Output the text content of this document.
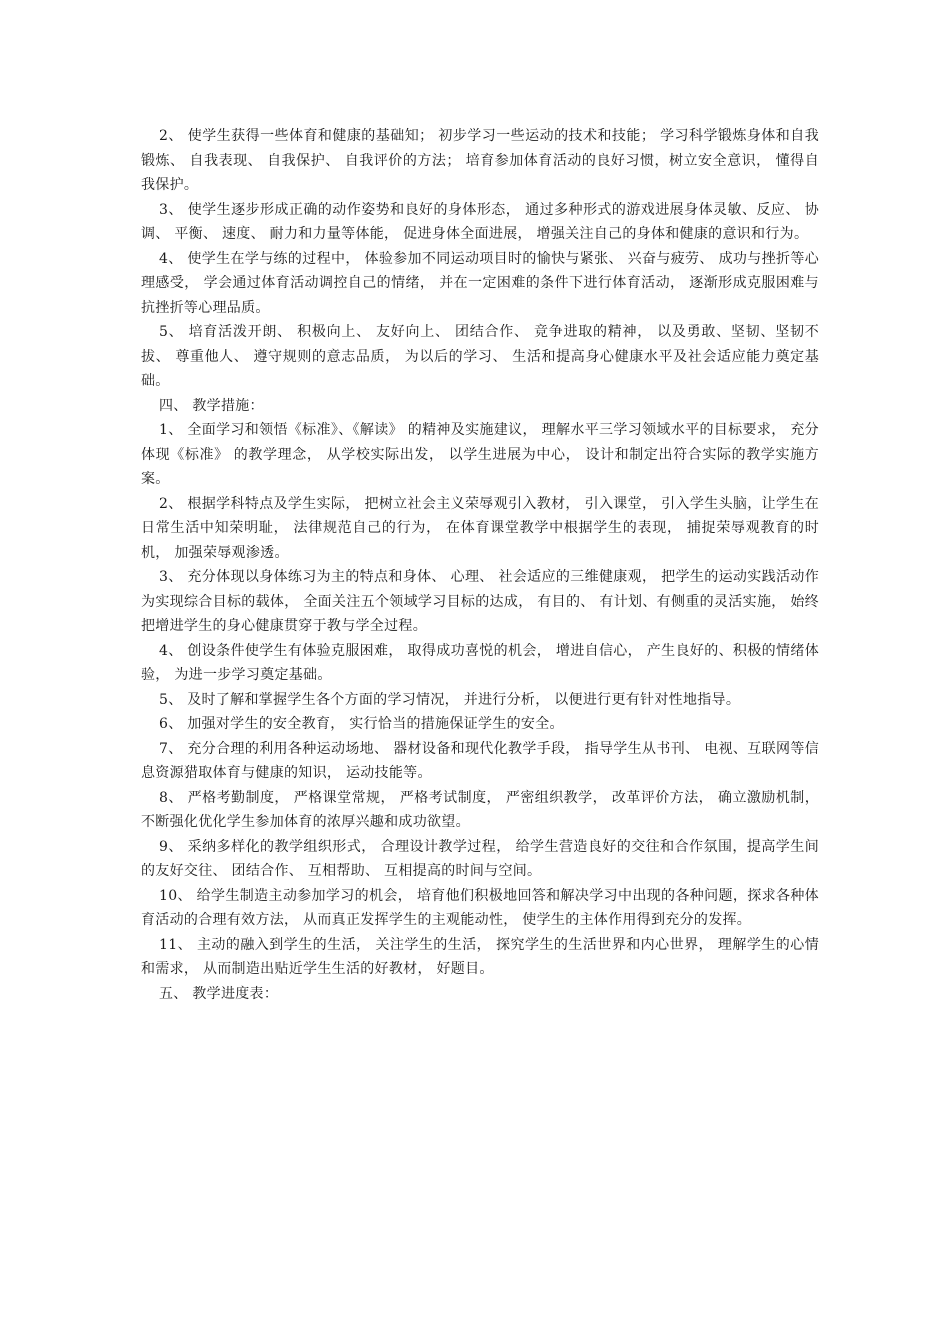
2、 使学生获得一些体育和健康的基础知； 初步学习一些运动的技术和技能； 学习科学锻炼身体和自我锻炼、 自我表现、 自我保护、 自我评价的方法； 培育参加体育活动的良好习惯，树立安全意识， 懂得自我保护。

3、 使学生逐步形成正确的动作姿势和良好的身体形态， 通过多种形式的游戏进展身体灵敏、反应、 协调、 平衡、 速度、 耐力和力量等体能， 促进身体全面进展， 增强关注自己的身体和健康的意识和行为。

4、 使学生在学与练的过程中， 体验参加不同运动项目时的愉快与紧张、 兴奋与疲劳、 成功与挫折等心理感受， 学会通过体育活动调控自己的情绪， 并在一定困难的条件下进行体育活动， 逐渐形成克服困难与抗挫折等心理品质。

5、 培育活泼开朗、 积极向上、 友好向上、 团结合作、 竞争进取的精神， 以及勇敢、坚韧、坚韧不拔、 尊重他人、 遵守规则的意志品质， 为以后的学习、 生活和提高身心健康水平及社会适应能力奠定基础。

四、 教学措施：

1、 全面学习和领悟《标准》、《解读》 的精神及实施建议， 理解水平三学习领域水平的目标要求， 充分体现《标准》 的教学理念， 从学校实际出发， 以学生进展为中心， 设计和制定出符合实际的教学实施方案。

2、 根据学科特点及学生实际， 把树立社会主义荣辱观引入教材， 引入课堂， 引入学生头脑，让学生在日常生活中知荣明耻， 法律规范自己的行为， 在体育课堂教学中根据学生的表现， 捕捉荣辱观教育的时机， 加强荣辱观渗透。

3、 充分体现以身体练习为主的特点和身体、 心理、 社会适应的三维健康观， 把学生的运动实践活动作为实现综合目标的载体， 全面关注五个领域学习目标的达成， 有目的、 有计划、有侧重的灵活实施， 始终把增进学生的身心健康贯穿于教与学全过程。

4、 创设条件使学生有体验克服困难， 取得成功喜悦的机会， 增进自信心， 产生良好的、积极的情绪体验， 为进一步学习奠定基础。

5、 及时了解和掌握学生各个方面的学习情况， 并进行分析， 以便进行更有针对性地指导。

6、 加强对学生的安全教育， 实行恰当的措施保证学生的安全。

7、 充分合理的利用各种运动场地、 器材设备和现代化教学手段， 指导学生从书刊、 电视、互联网等信息资源猎取体育与健康的知识， 运动技能等。

8、 严格考勤制度， 严格课堂常规， 严格考试制度， 严密组织教学， 改革评价方法， 确立激励机制， 不断强化优化学生参加体育的浓厚兴趣和成功欲望。

9、 采纳多样化的教学组织形式， 合理设计教学过程， 给学生营造良好的交往和合作氛围，提高学生间的友好交往、 团结合作、 互相帮助、 互相提高的时间与空间。

10、 给学生制造主动参加学习的机会， 培育他们积极地回答和解决学习中出现的各种问题，探求各种体育活动的合理有效方法， 从而真正发挥学生的主观能动性， 使学生的主体作用得到充分的发挥。

11、 主动的融入到学生的生活， 关注学生的生活， 探究学生的生活世界和内心世界， 理解学生的心情和需求， 从而制造出贴近学生生活的好教材， 好题目。

五、 教学进度表：
